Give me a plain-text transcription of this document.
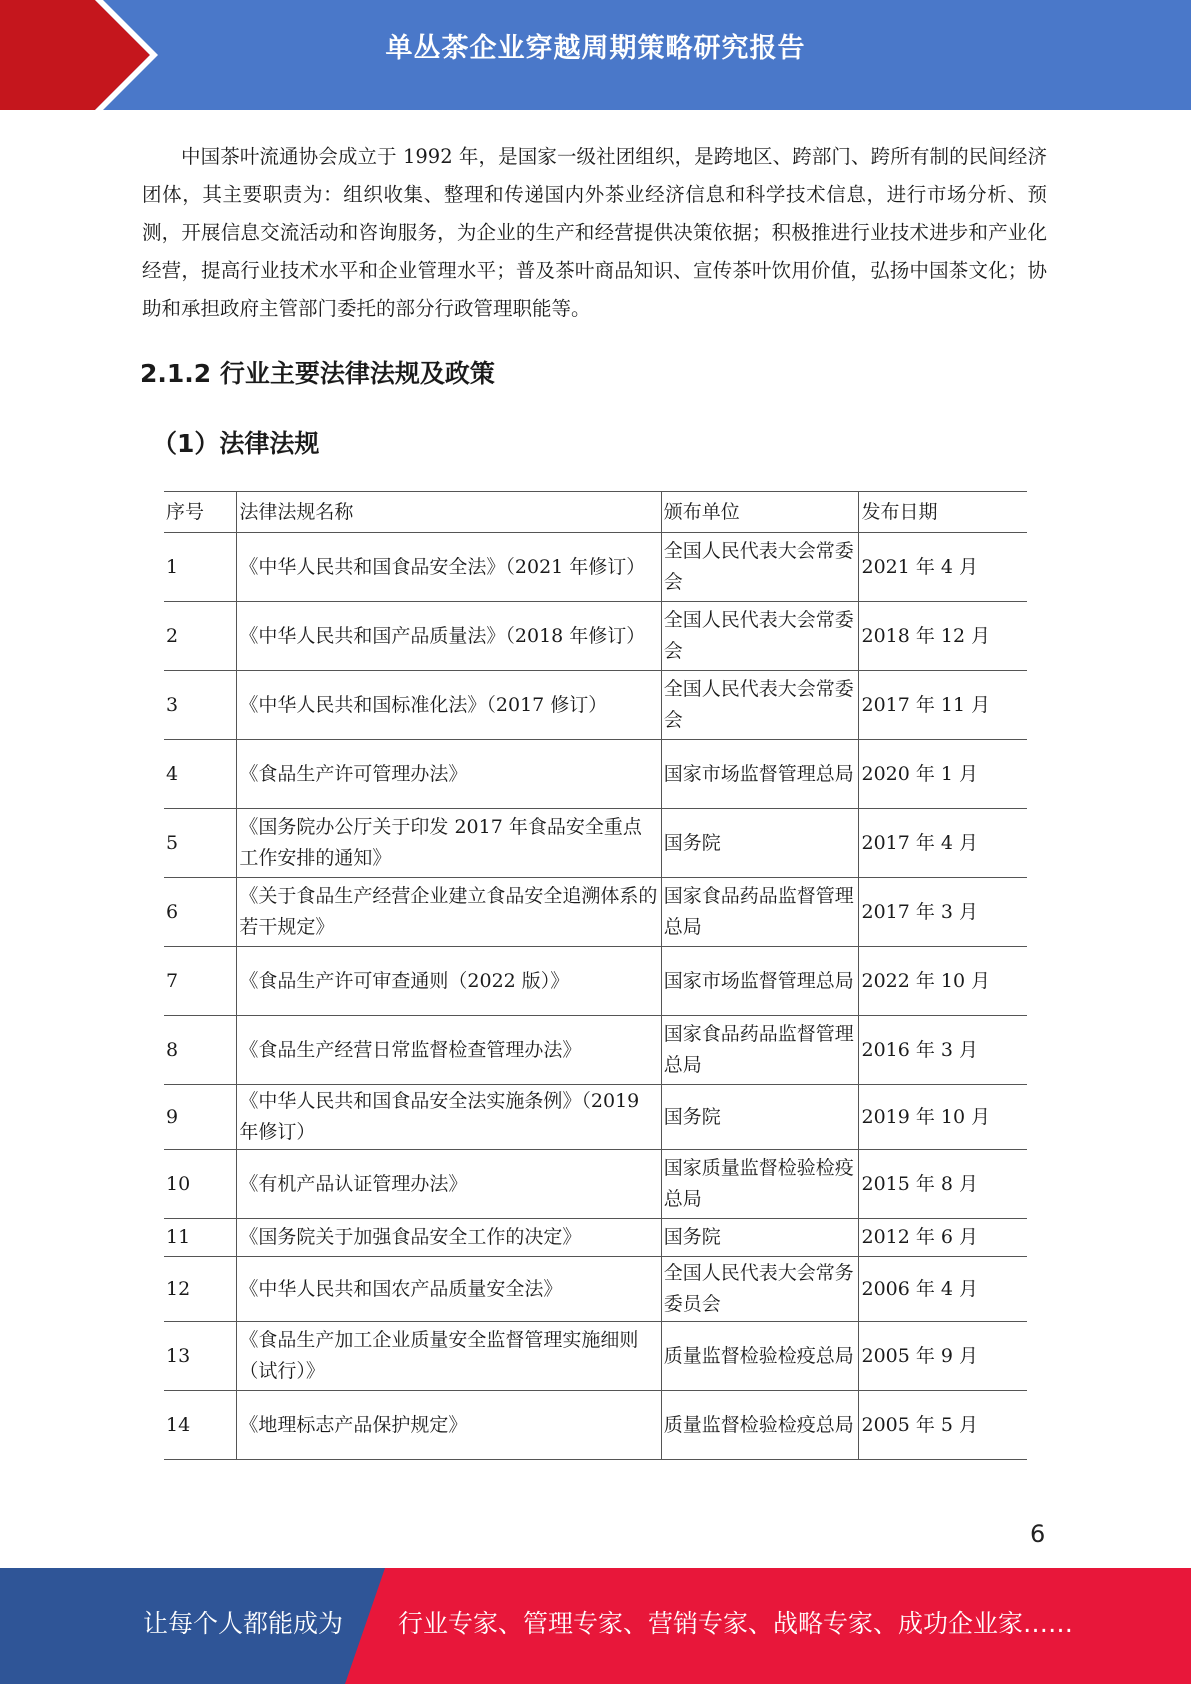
单丛茶企业穿越周期策略研究报告

中国茶叶流通协会成立于 1992 年，是国家一级社团组织，是跨地区、跨部门、跨所有制的民间经济团体，其主要职责为：组织收集、整理和传递国内外茶业经济信息和科学技术信息，进行市场分析、预测，开展信息交流活动和咨询服务，为企业的生产和经营提供决策依据；积极推进行业技术进步和产业化经营，提高行业技术水平和企业管理水平；普及茶叶商品知识、宣传茶叶饮用价值，弘扬中国茶文化；协助和承担政府主管部门委托的部分行政管理职能等。

2.1.2 行业主要法律法规及政策
（1）法律法规
序号	法律法规名称	颁布单位	发布日期
1	《中华人民共和国食品安全法》（2021 年修订）	全国人民代表大会常委会	2021 年 4 月
2	《中华人民共和国产品质量法》（2018 年修订）	全国人民代表大会常委会	2018 年 12 月
3	《中华人民共和国标准化法》（2017 修订）	全国人民代表大会常委会	2017 年 11 月
4	《食品生产许可管理办法》	国家市场监督管理总局	2020 年 1 月
5	《国务院办公厅关于印发 2017 年食品安全重点工作安排的通知》	国务院	2017 年 4 月
6	《关于食品生产经营企业建立食品安全追溯体系的若干规定》	国家食品药品监督管理总局	2017 年 3 月
7	《食品生产许可审查通则（2022 版）》	国家市场监督管理总局	2022 年 10 月
8	《食品生产经营日常监督检查管理办法》	国家食品药品监督管理总局	2016 年 3 月
9	《中华人民共和国食品安全法实施条例》（2019 年修订）	国务院	2019 年 10 月
10	《有机产品认证管理办法》	国家质量监督检验检疫总局	2015 年 8 月
11	《国务院关于加强食品安全工作的决定》	国务院	2012 年 6 月
12	《中华人民共和国农产品质量安全法》	全国人民代表大会常务委员会	2006 年 4 月
13	《食品生产加工企业质量安全监督管理实施细则（试行）》	质量监督检验检疫总局	2005 年 9 月
14	《地理标志产品保护规定》	质量监督检验检疫总局	2005 年 5 月
6
让每个人都能成为 行业专家、管理专家、营销专家、战略专家、成功企业家……
